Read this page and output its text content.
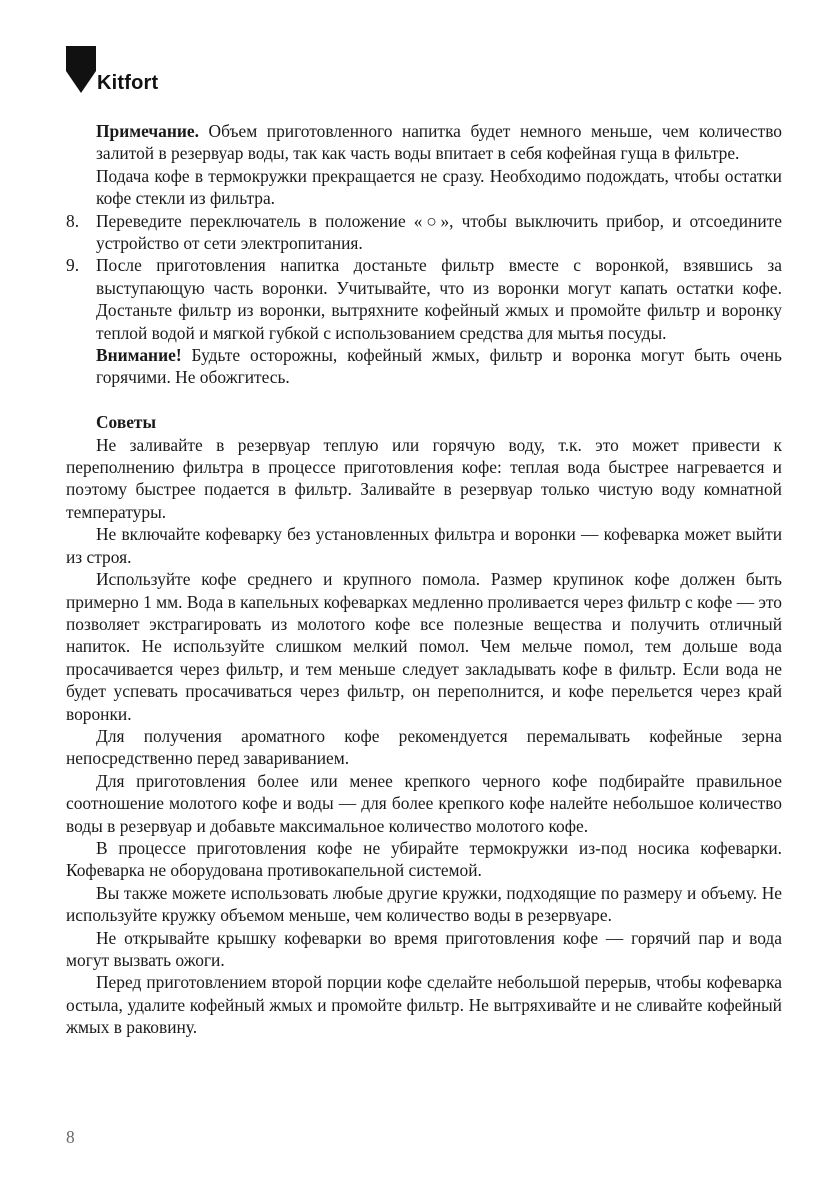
Kitfort

Примечание. Объем приготовленного напитка будет немного меньше, чем количество залитой в резервуар воды, так как часть воды впитает в себя кофейная гуща в фильтре.

Подача кофе в термокружки прекращается не сразу. Необходимо подождать, чтобы остатки кофе стекли из фильтра.

8. Переведите переключатель в положение «○», чтобы выключить прибор, и отсоедините устройство от сети электропитания.

9. После приготовления напитка достаньте фильтр вместе с воронкой, взявшись за выступающую часть воронки. Учитывайте, что из воронки могут капать остатки кофе. Достаньте фильтр из воронки, вытряхните кофейный жмых и промойте фильтр и воронку теплой водой и мягкой губкой с использованием средства для мытья посуды.

Внимание! Будьте осторожны, кофейный жмых, фильтр и воронка могут быть очень горячими. Не обожгитесь.

Советы

Не заливайте в резервуар теплую или горячую воду, т.к. это может привести к переполнению фильтра в процессе приготовления кофе: теплая вода быстрее нагревается и поэтому быстрее подается в фильтр. Заливайте в резервуар только чистую воду комнатной температуры.

Не включайте кофеварку без установленных фильтра и воронки — кофеварка может выйти из строя.

Используйте кофе среднего и крупного помола. Размер крупинок кофе должен быть примерно 1 мм. Вода в капельных кофеварках медленно проливается через фильтр с кофе — это позволяет экстрагировать из молотого кофе все полезные вещества и получить отличный напиток. Не используйте слишком мелкий помол. Чем мельче помол, тем дольше вода просачивается через фильтр, и тем меньше следует закладывать кофе в фильтр. Если вода не будет успевать просачиваться через фильтр, он переполнится, и кофе перельется через край воронки.

Для получения ароматного кофе рекомендуется перемалывать кофейные зерна непосредственно перед завариванием.

Для приготовления более или менее крепкого черного кофе подбирайте правильное соотношение молотого кофе и воды — для более крепкого кофе налейте небольшое количество воды в резервуар и добавьте максимальное количество молотого кофе.

В процессе приготовления кофе не убирайте термокружки из-под носика кофеварки. Кофеварка не оборудована противокапельной системой.

Вы также можете использовать любые другие кружки, подходящие по размеру и объему. Не используйте кружку объемом меньше, чем количество воды в резервуаре.

Не открывайте крышку кофеварки во время приготовления кофе — горячий пар и вода могут вызвать ожоги.

Перед приготовлением второй порции кофе сделайте небольшой перерыв, чтобы кофеварка остыла, удалите кофейный жмых и промойте фильтр. Не вытряхивайте и не сливайте кофейный жмых в раковину.

8
